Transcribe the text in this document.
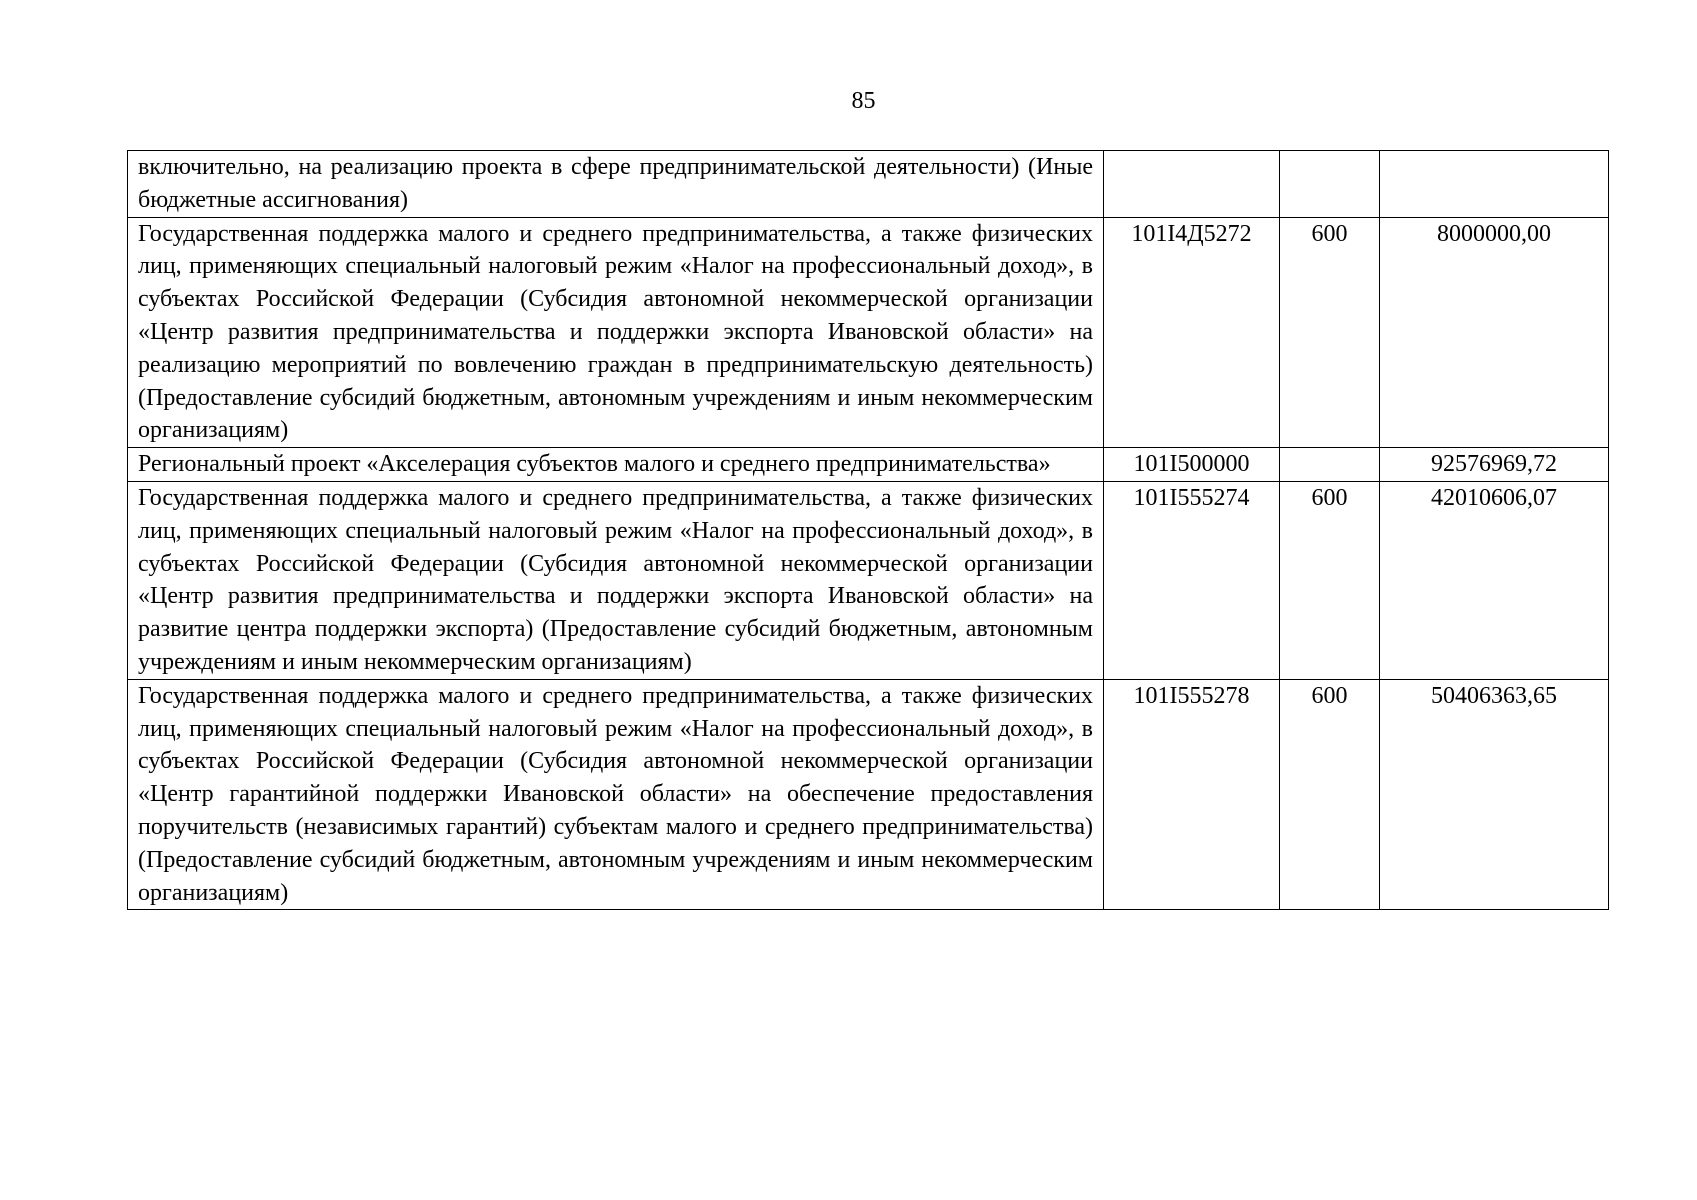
85
включительно, на реализацию проекта в сфере предпринимательской деятельности) (Иные бюджетные ассигнования)			
Государственная поддержка малого и среднего предпринимательства, а также физических лиц, применяющих специальный налоговый режим «Налог на профессиональный доход», в субъектах Российской Федерации (Субсидия автономной некоммерческой организации «Центр развития предпринимательства и поддержки экспорта Ивановской области» на реализацию мероприятий по вовлечению граждан в предпринимательскую деятельность) (Предоставление субсидий бюджетным, автономным учреждениям и иным некоммерческим организациям)	101I4Д5272	600	8000000,00
Региональный проект «Акселерация субъектов малого и среднего предпринимательства»	101I500000		92576969,72
Государственная поддержка малого и среднего предпринимательства, а также физических лиц, применяющих специальный налоговый режим «Налог на профессиональный доход», в субъектах Российской Федерации (Субсидия автономной некоммерческой организации «Центр развития предпринимательства и поддержки экспорта Ивановской области» на развитие центра поддержки экспорта) (Предоставление субсидий бюджетным, автономным учреждениям и иным некоммерческим организациям)	101I555274	600	42010606,07
Государственная поддержка малого и среднего предпринимательства, а также физических лиц, применяющих специальный налоговый режим «Налог на профессиональный доход», в субъектах Российской Федерации (Субсидия автономной некоммерческой организации «Центр гарантийной поддержки Ивановской области» на обеспечение предоставления поручительств (независимых гарантий) субъектам малого и среднего предпринимательства) (Предоставление субсидий бюджетным, автономным учреждениям и иным некоммерческим организациям)	101I555278	600	50406363,65
